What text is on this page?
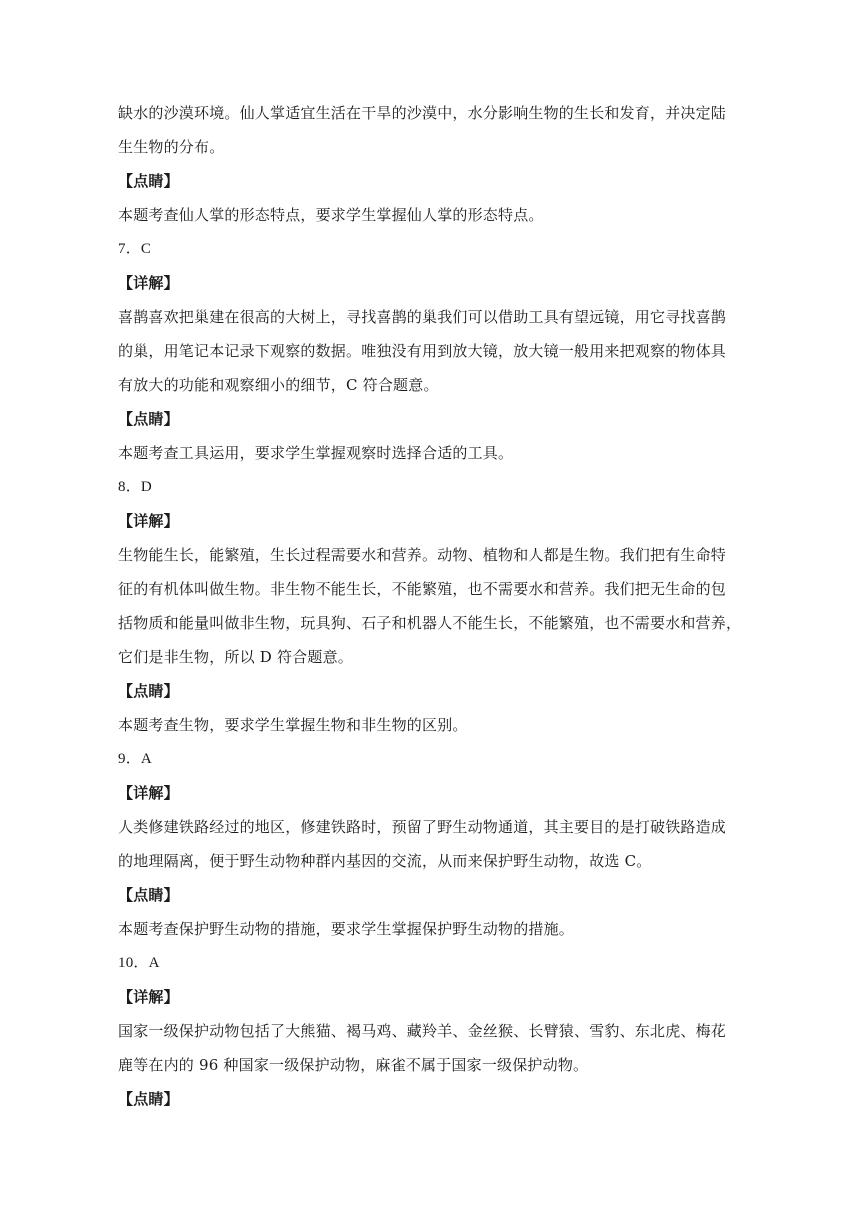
缺水的沙漠环境。仙人掌适宜生活在干旱的沙漠中，水分影响生物的生长和发育，并决定陆
生生物的分布。
【点睛】
本题考查仙人掌的形态特点，要求学生掌握仙人掌的形态特点。
7．C
【详解】
喜鹊喜欢把巢建在很高的大树上，寻找喜鹊的巢我们可以借助工具有望远镜，用它寻找喜鹊
的巢，用笔记本记录下观察的数据。唯独没有用到放大镜，放大镜一般用来把观察的物体具
有放大的功能和观察细小的细节，C 符合题意。
【点睛】
本题考查工具运用，要求学生掌握观察时选择合适的工具。
8．D
【详解】
生物能生长，能繁殖，生长过程需要水和营养。动物、植物和人都是生物。我们把有生命特
征的有机体叫做生物。非生物不能生长，不能繁殖，也不需要水和营养。我们把无生命的包
括物质和能量叫做非生物，玩具狗、石子和机器人不能生长，不能繁殖，也不需要水和营养，
它们是非生物，所以 D 符合题意。
【点睛】
本题考查生物，要求学生掌握生物和非生物的区别。
9．A
【详解】
人类修建铁路经过的地区，修建铁路时，预留了野生动物通道，其主要目的是打破铁路造成
的地理隔离，便于野生动物种群内基因的交流，从而来保护野生动物，故选 C。
【点睛】
本题考查保护野生动物的措施，要求学生掌握保护野生动物的措施。
10．A
【详解】
国家一级保护动物包括了大熊猫、褐马鸡、藏羚羊、金丝猴、长臂猿、雪豹、东北虎、梅花
鹿等在内的 96 种国家一级保护动物，麻雀不属于国家一级保护动物。
【点睛】
